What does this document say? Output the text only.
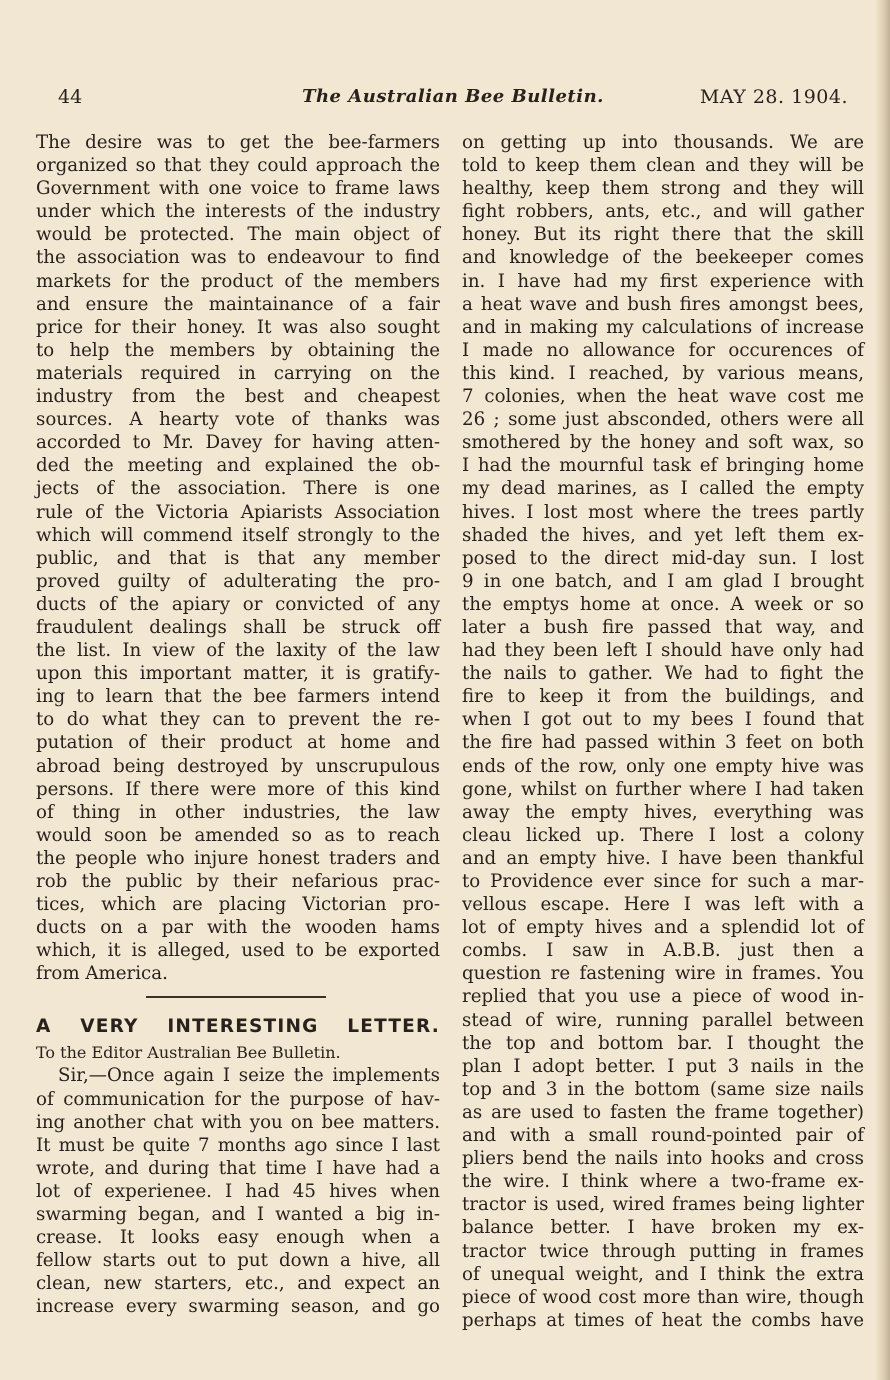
44	The Australian Bee Bulletin.	MAY 28. 1904.
The desire was to get the bee-farmers
organized so that they could approach the
Government with one voice to frame laws
under which the interests of the industry
would be protected. The main object of
the association was to endeavour to find
markets for the product of the members
and ensure the maintainance of a fair
price for their honey. It was also sought
to help the members by obtaining the
materials required in carrying on the
industry from the best and cheapest
sources. A hearty vote of thanks was
accorded to Mr. Davey for having atten-
ded the meeting and explained the ob-
jects of the association. There is one
rule of the Victoria Apiarists Association
which will commend itself strongly to the
public, and that is that any member
proved guilty of adulterating the pro-
ducts of the apiary or convicted of any
fraudulent dealings shall be struck off
the list. In view of the laxity of the law
upon this important matter, it is gratify-
ing to learn that the bee farmers intend
to do what they can to prevent the re-
putation of their product at home and
abroad being destroyed by unscrupulous
persons. If there were more of this kind
of thing in other industries, the law
would soon be amended so as to reach
the people who injure honest traders and
rob the public by their nefarious prac-
tices, which are placing Victorian pro-
ducts on a par with the wooden hams
which, it is alleged, used to be exported
from America.
A VERY INTERESTING LETTER.
To the Editor Australian Bee Bulletin.
Sir,—Once again I seize the implements
of communication for the purpose of hav-
ing another chat with you on bee matters.
It must be quite 7 months ago since I last
wrote, and during that time I have had a
lot of experienee. I had 45 hives when
swarming began, and I wanted a big in-
crease. It looks easy enough when a
fellow starts out to put down a hive, all
clean, new starters, etc., and expect an
increase every swarming season, and go
on getting up into thousands. We are
told to keep them clean and they will be
healthy, keep them strong and they will
fight robbers, ants, etc., and will gather
honey. But its right there that the skill
and knowledge of the beekeeper comes
in. I have had my first experience with
a heat wave and bush fires amongst bees,
and in making my calculations of increase
I made no allowance for occurences of
this kind. I reached, by various means,
7 colonies, when the heat wave cost me
26 ; some just absconded, others were all
smothered by the honey and soft wax, so
I had the mournful task ef bringing home
my dead marines, as I called the empty
hives. I lost most where the trees partly
shaded the hives, and yet left them ex-
posed to the direct mid-day sun. I lost
9 in one batch, and I am glad I brought
the emptys home at once. A week or so
later a bush fire passed that way, and
had they been left I should have only had
the nails to gather. We had to fight the
fire to keep it from the buildings, and
when I got out to my bees I found that
the fire had passed within 3 feet on both
ends of the row, only one empty hive was
gone, whilst on further where I had taken
away the empty hives, everything was
cleau licked up. There I lost a colony
and an empty hive. I have been thankful
to Providence ever since for such a mar-
vellous escape. Here I was left with a
lot of empty hives and a splendid lot of
combs. I saw in A.B.B. just then a
question re fastening wire in frames. You
replied that you use a piece of wood in-
stead of wire, running parallel between
the top and bottom bar. I thought the
plan I adopt better. I put 3 nails in the
top and 3 in the bottom (same size nails
as are used to fasten the frame together)
and with a small round-pointed pair of
pliers bend the nails into hooks and cross
the wire. I think where a two-frame ex-
tractor is used, wired frames being lighter
balance better. I have broken my ex-
tractor twice through putting in frames
of unequal weight, and I think the extra
piece of wood cost more than wire, though
perhaps at times of heat the combs have
